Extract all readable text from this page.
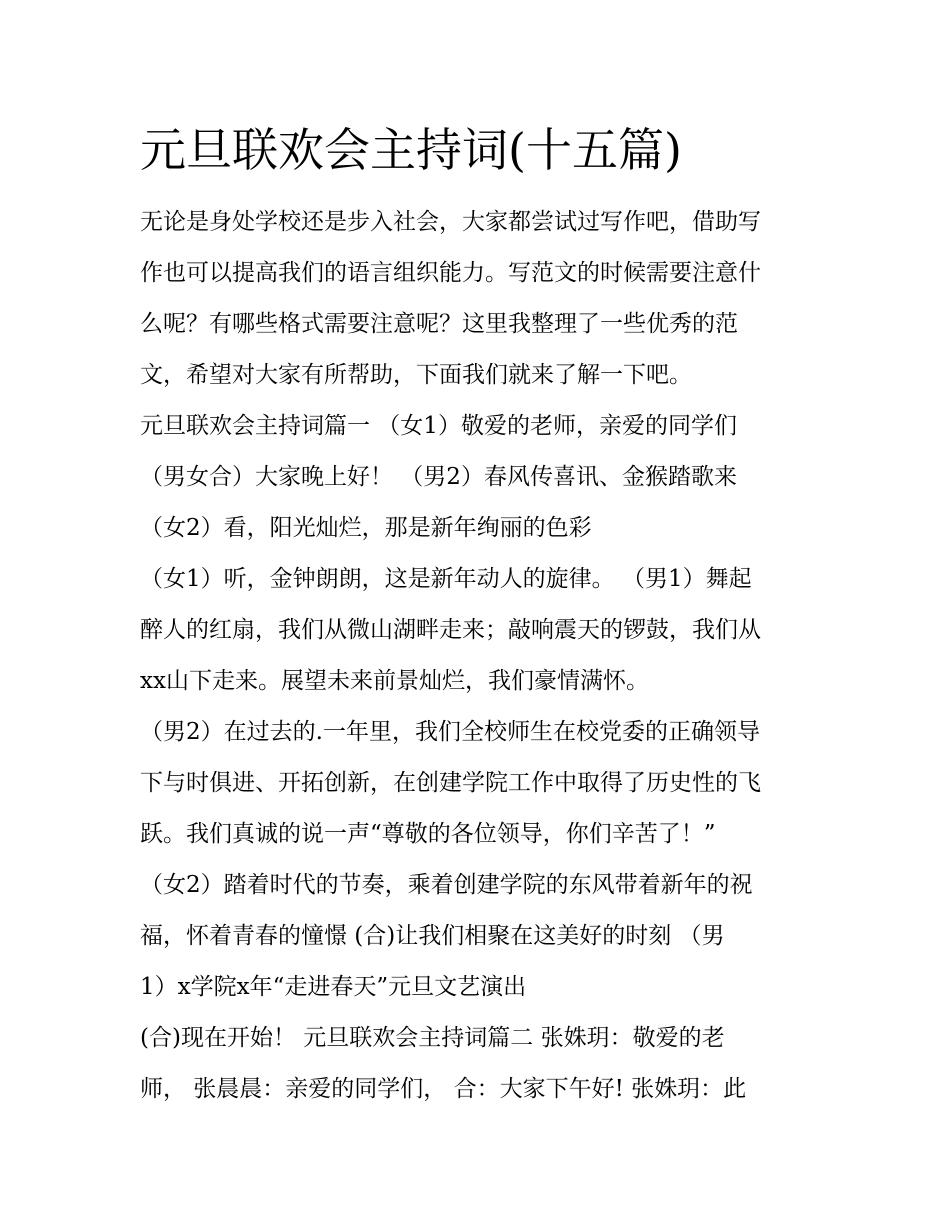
元旦联欢会主持词(十五篇)

无论是身处学校还是步入社会，大家都尝试过写作吧，借助写

作也可以提高我们的语言组织能力。写范文的时候需要注意什

么呢？有哪些格式需要注意呢？这里我整理了一些优秀的范

文，希望对大家有所帮助，下面我们就来了解一下吧。

元旦联欢会主持词篇一 （女1）敬爱的老师，亲爱的同学们

（男女合）大家晚上好！ （男2）春风传喜讯、金猴踏歌来

（女2）看，阳光灿烂，那是新年绚丽的色彩

（女1）听，金钟朗朗，这是新年动人的旋律。 （男1）舞起

醉人的红扇，我们从微山湖畔走来；敲响震天的锣鼓，我们从

xx山下走来。展望未来前景灿烂，我们豪情满怀。

（男2）在过去的.一年里，我们全校师生在校党委的正确领导

下与时俱进、开拓创新，在创建学院工作中取得了历史性的飞

跃。我们真诚的说一声“尊敬的各位领导，你们辛苦了！”

（女2）踏着时代的节奏，乘着创建学院的东风带着新年的祝

福，怀着青春的憧憬 (合)让我们相聚在这美好的时刻 （男

1）x学院x年“走进春天”元旦文艺演出

(合)现在开始！ 元旦联欢会主持词篇二 张姝玥：敬爱的老

师， 张晨晨：亲爱的同学们， 合：大家下午好! 张姝玥：此
